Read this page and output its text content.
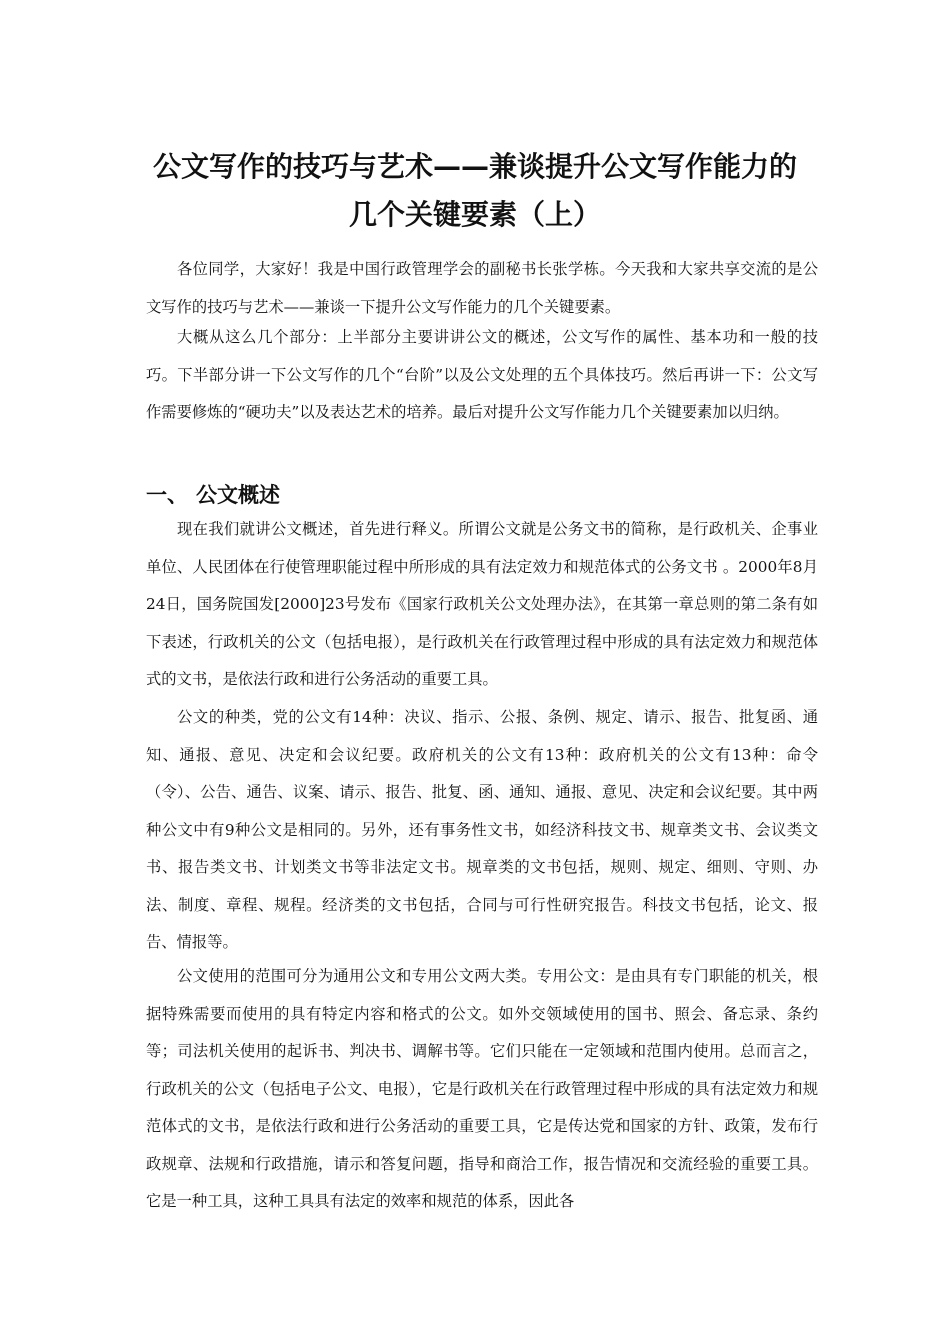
公文写作的技巧与艺术——兼谈提升公文写作能力的
几个关键要素（上）

各位同学，大家好！我是中国行政管理学会的副秘书长张学栋。今天我和大家共享交流的是公文写作的技巧与艺术——兼谈一下提升公文写作能力的几个关键要素。

大概从这么几个部分：上半部分主要讲讲公文的概述，公文写作的属性、基本功和一般的技巧。下半部分讲一下公文写作的几个“台阶”以及公文处理的五个具体技巧。然后再讲一下：公文写作需要修炼的“硬功夫”以及表达艺术的培养。最后对提升公文写作能力几个关键要素加以归纳。

一、 公文概述

现在我们就讲公文概述，首先进行释义。所谓公文就是公务文书的简称，是行政机关、企事业单位、人民团体在行使管理职能过程中所形成的具有法定效力和规范体式的公务文书 。2000年8月24日，国务院国发[2000]23号发布《国家行政机关公文处理办法》，在其第一章总则的第二条有如下表述，行政机关的公文（包括电报），是行政机关在行政管理过程中形成的具有法定效力和规范体式的文书，是依法行政和进行公务活动的重要工具。

公文的种类，党的公文有14种：决议、指示、公报、条例、规定、请示、报告、批复函、通知、通报、意见、决定和会议纪要。政府机关的公文有13种：政府机关的公文有13种：命令（令）、公告、通告、议案、请示、报告、批复、函、通知、通报、意见、决定和会议纪要。其中两种公文中有9种公文是相同的。另外，还有事务性文书，如经济科技文书、规章类文书、会议类文书、报告类文书、计划类文书等非法定文书。规章类的文书包括，规则、规定、细则、守则、办法、制度、章程、规程。经济类的文书包括，合同与可行性研究报告。科技文书包括，论文、报告、情报等。

公文使用的范围可分为通用公文和专用公文两大类。专用公文：是由具有专门职能的机关，根据特殊需要而使用的具有特定内容和格式的公文。如外交领域使用的国书、照会、备忘录、条约等；司法机关使用的起诉书、判决书、调解书等。它们只能在一定领域和范围内使用。总而言之，行政机关的公文（包括电子公文、电报），它是行政机关在行政管理过程中形成的具有法定效力和规范体式的文书，是依法行政和进行公务活动的重要工具，它是传达党和国家的方针、政策，发布行政规章、法规和行政措施，请示和答复问题，指导和商洽工作，报告情况和交流经验的重要工具。它是一种工具，这种工具具有法定的效率和规范的体系，因此各
